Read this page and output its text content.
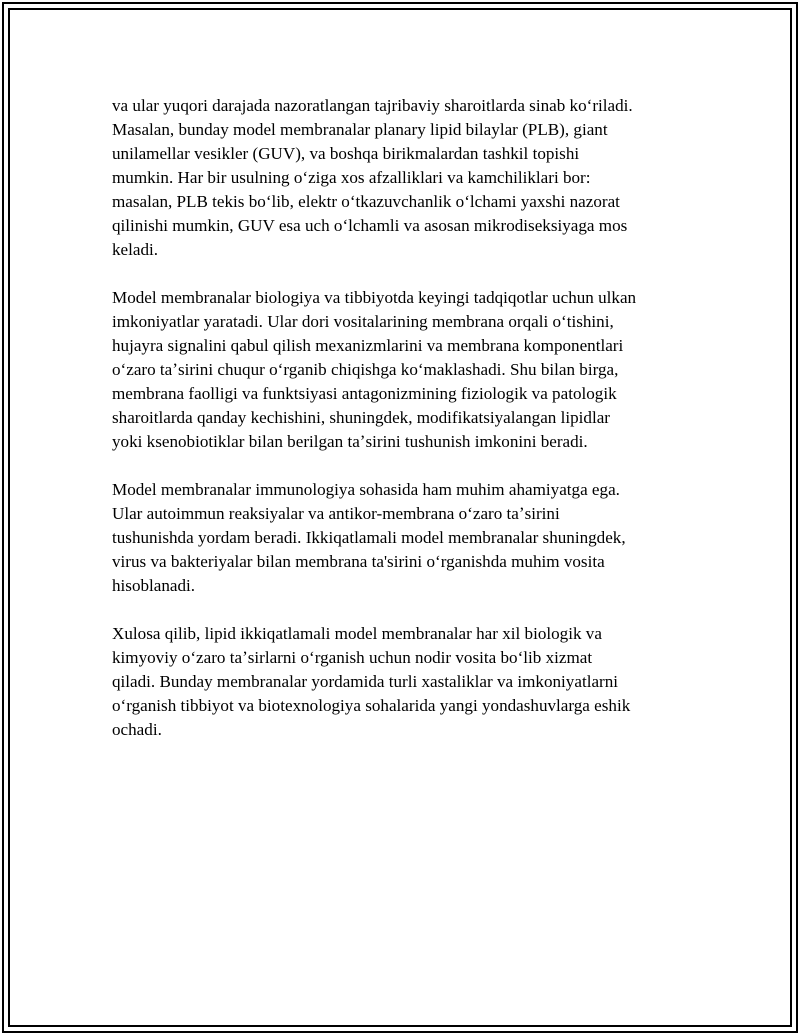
va ular yuqori darajada nazoratlangan tajribaviy sharoitlarda sinab koʻriladi.
Masalan, bunday model membranalar planary lipid bilaylar (PLB), giant
unilamellar vesikler (GUV), va boshqa birikmalardan tashkil topishi
mumkin. Har bir usulning oʻziga xos afzalliklari va kamchiliklari bor:
masalan, PLB tekis boʻlib, elektr oʻtkazuvchanlik oʻlchami yaxshi nazorat
qilinishi mumkin, GUV esa uch oʻlchamli va asosan mikrodiseksiyaga mos
keladi.

Model membranalar biologiya va tibbiyotda keyingi tadqiqotlar uchun ulkan
imkoniyatlar yaratadi. Ular dori vositalarining membrana orqali oʻtishini,
hujayra signalini qabul qilish mexanizmlarini va membrana komponentlari
oʻzaro taʼsirini chuqur oʻrganib chiqishga koʻmaklashadi. Shu bilan birga,
membrana faolligi va funktsiyasi antagonizmining fiziologik va patologik
sharoitlarda qanday kechishini, shuningdek, modifikatsiyalangan lipidlar
yoki ksenobiotiklar bilan berilgan taʼsirini tushunish imkonini beradi.

Model membranalar immunologiya sohasida ham muhim ahamiyatga ega.
Ular autoimmun reaksiyalar va antikor-membrana oʻzaro taʼsirini
tushunishda yordam beradi. Ikkiqatlamali model membranalar shuningdek,
virus va bakteriyalar bilan membrana ta'sirini oʻrganishda muhim vosita
hisoblanadi.

Xulosa qilib, lipid ikkiqatlamali model membranalar har xil biologik va
kimyoviy oʻzaro taʼsirlarni oʻrganish uchun nodir vosita boʻlib xizmat
qiladi. Bunday membranalar yordamida turli xastaliklar va imkoniyatlarni
oʻrganish tibbiyot va biotexnologiya sohalarida yangi yondashuvlarga eshik
ochadi.
